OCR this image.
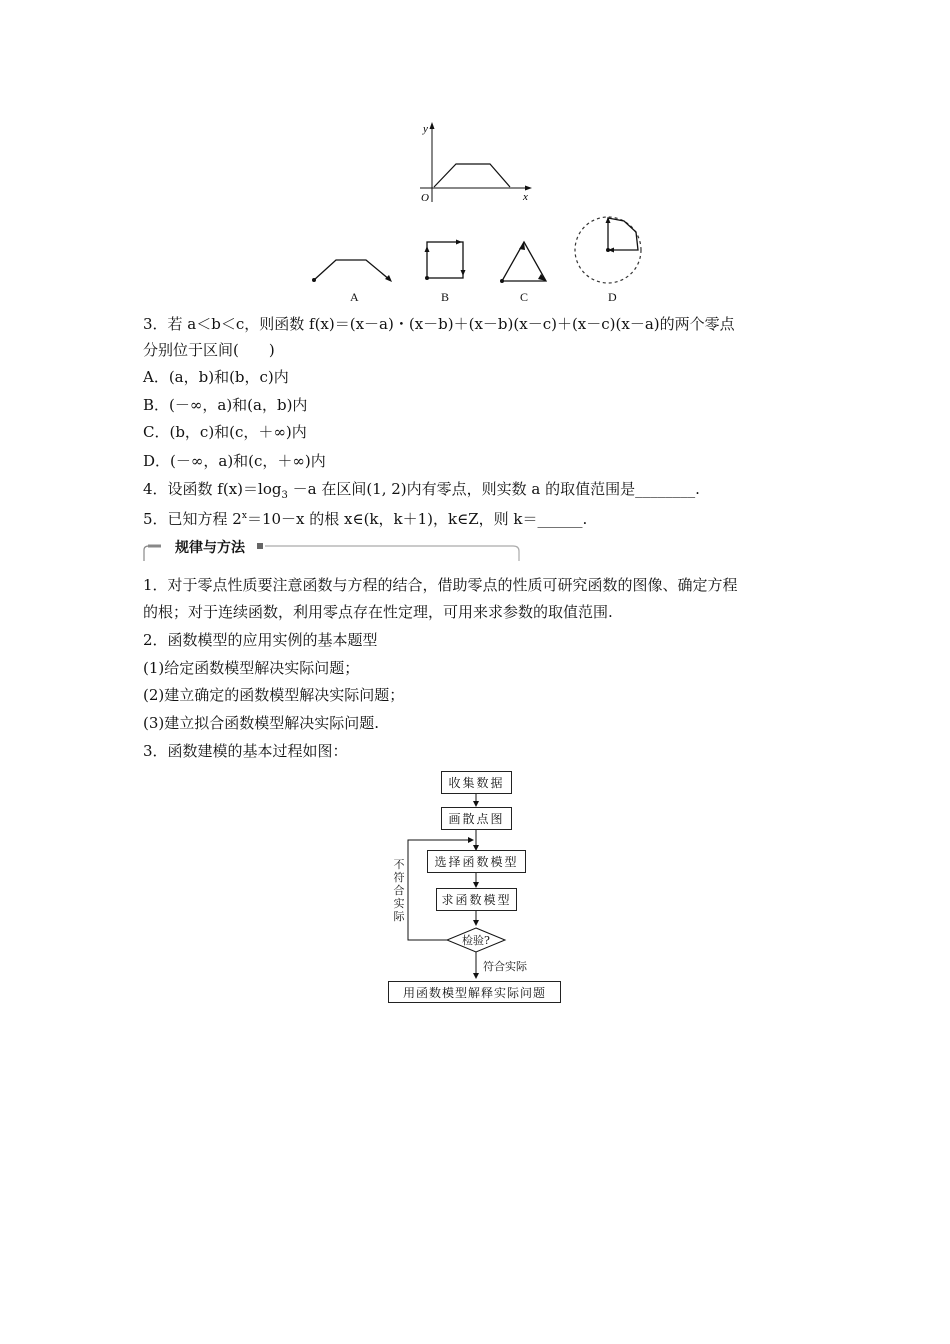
y
x
O
A	B	C	D
3．若 a＜b＜c，则函数 f(x)＝(x－a)・(x－b)＋(x－b)(x－c)＋(x－c)(x－a)的两个零点
分别位于区间(　　)
A．(a，b)和(b，c)内
B．(－∞，a)和(a，b)内
C．(b，c)和(c，＋∞)内
D．(－∞，a)和(c，＋∞)内
4．设函数 $f(x)=\log_3 -a$ 在区间(1, 2)内有零点，则实数 a 的取值范围是________.
5．已知方程 $2^x=10-x$ 的根 x∈(k，k＋1)，k∈Z，则 k＝______.
规律与方法
1．对于零点性质要注意函数与方程的结合，借助零点的性质可研究函数的图像、确定方程
的根；对于连续函数，利用零点存在性定理，可用来求参数的取值范围.
2．函数模型的应用实例的基本题型
(1)给定函数模型解决实际问题；
(2)建立确定的函数模型解决实际问题；
(3)建立拟合函数模型解决实际问题.
3．函数建模的基本过程如图：
收集数据
画散点图
选择函数模型
求函数模型
检验?
用函数模型解释实际问题
不
符
合
实
际
符合实际
